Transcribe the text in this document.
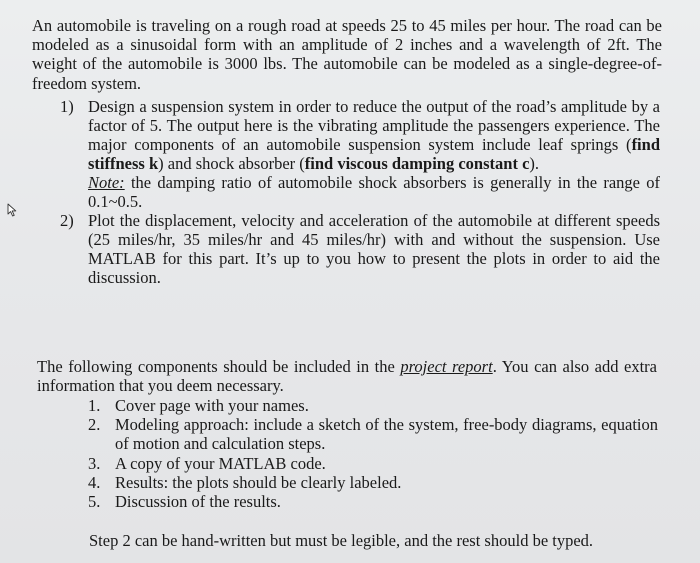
An automobile is traveling on a rough road at speeds 25 to 45 miles per hour. The road can be modeled as a sinusoidal form with an amplitude of 2 inches and a wavelength of 2ft. The weight of the automobile is 3000 lbs. The automobile can be modeled as a single-degree-of-freedom system.
1) Design a suspension system in order to reduce the output of the road’s amplitude by a factor of 5. The output here is the vibrating amplitude the passengers experience. The major components of an automobile suspension system include leaf springs (find stiffness k) and shock absorber (find viscous damping constant c).
Note: the damping ratio of automobile shock absorbers is generally in the range of 0.1~0.5.
2) Plot the displacement, velocity and acceleration of the automobile at different speeds (25 miles/hr, 35 miles/hr and 45 miles/hr) with and without the suspension. Use MATLAB for this part. It’s up to you how to present the plots in order to aid the discussion.
The following components should be included in the project report. You can also add extra information that you deem necessary.
1. Cover page with your names.
2. Modeling approach: include a sketch of the system, free-body diagrams, equation of motion and calculation steps.
3. A copy of your MATLAB code.
4. Results: the plots should be clearly labeled.
5. Discussion of the results.
Step 2 can be hand-written but must be legible, and the rest should be typed.
